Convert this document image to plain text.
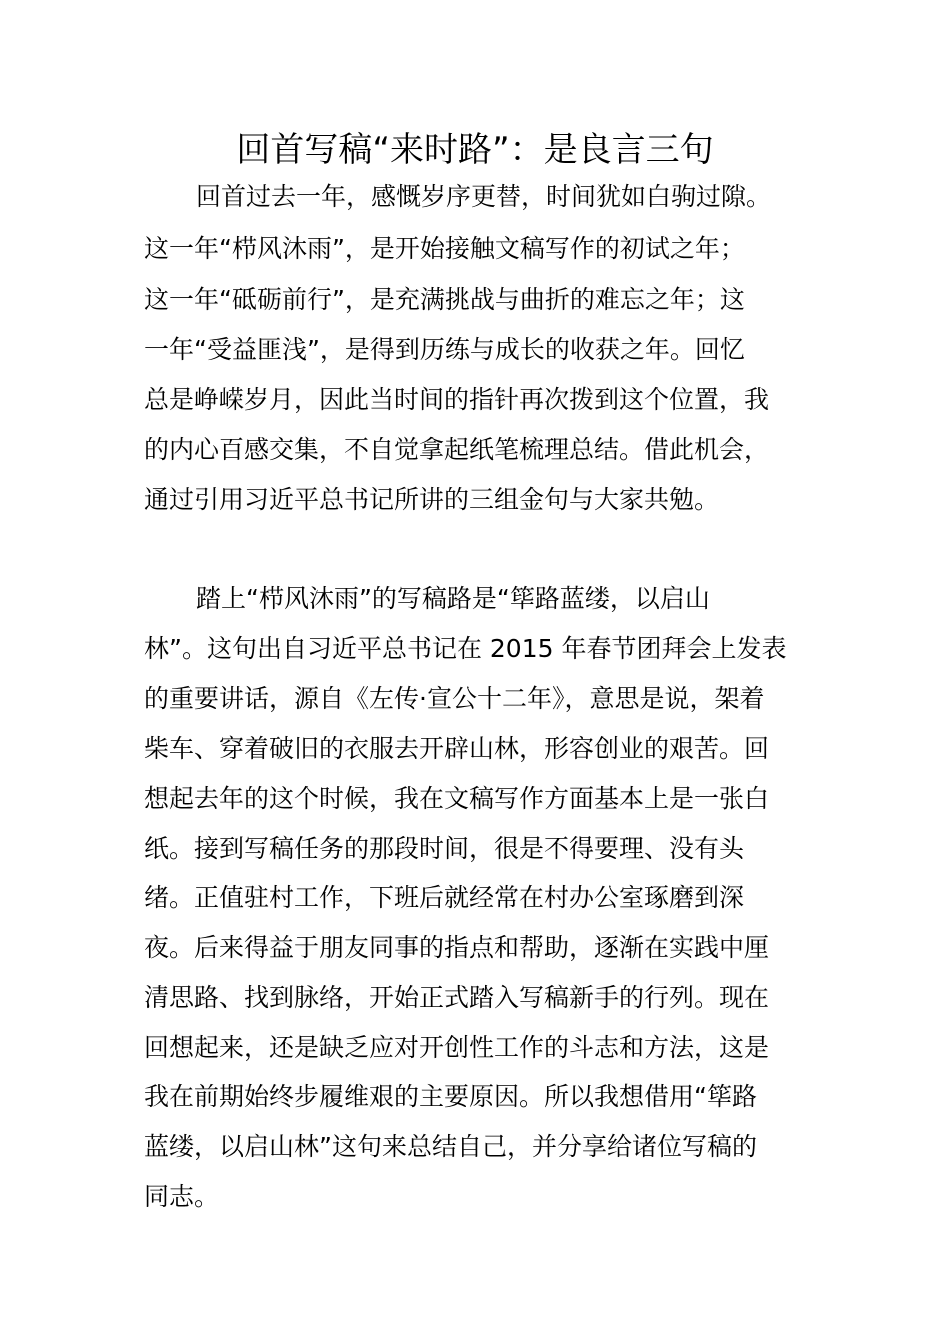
回首写稿“来时路”：是良言三句
回首过去一年，感慨岁序更替，时间犹如白驹过隙。
这一年“栉风沐雨”，是开始接触文稿写作的初试之年；
这一年“砥砺前行”，是充满挑战与曲折的难忘之年；这
一年“受益匪浅”，是得到历练与成长的收获之年。回忆
总是峥嵘岁月，因此当时间的指针再次拨到这个位置，我
的内心百感交集，不自觉拿起纸笔梳理总结。借此机会，
通过引用习近平总书记所讲的三组金句与大家共勉。
踏上“栉风沐雨”的写稿路是“筚路蓝缕，以启山
林”。这句出自习近平总书记在 2015 年春节团拜会上发表
的重要讲话，源自《左传·宣公十二年》，意思是说，架着
柴车、穿着破旧的衣服去开辟山林，形容创业的艰苦。回
想起去年的这个时候，我在文稿写作方面基本上是一张白
纸。接到写稿任务的那段时间，很是不得要理、没有头
绪。正值驻村工作，下班后就经常在村办公室琢磨到深
夜。后来得益于朋友同事的指点和帮助，逐渐在实践中厘
清思路、找到脉络，开始正式踏入写稿新手的行列。现在
回想起来，还是缺乏应对开创性工作的斗志和方法，这是
我在前期始终步履维艰的主要原因。所以我想借用“筚路
蓝缕，以启山林”这句来总结自己，并分享给诸位写稿的
同志。
